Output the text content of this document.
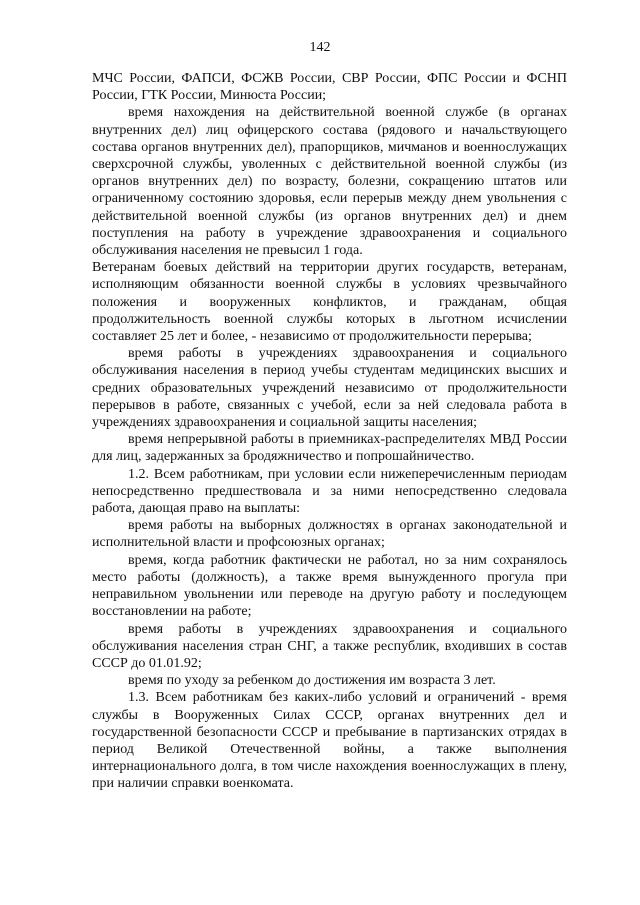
142

МЧС России, ФАПСИ, ФСЖВ России, СВР России, ФПС России и ФСНП России, ГТК России, Минюста России;

время нахождения на действительной военной службе (в органах внутренних дел) лиц офицерского состава (рядового и начальствующего состава органов внутренних дел), прапорщиков, мичманов и военнослужащих сверхсрочной службы, уволенных с действительной военной службы (из органов внутренних дел) по возрасту, болезни, сокращению штатов или ограниченному состоянию здоровья, если перерыв между днем увольнения с действительной военной службы (из органов внутренних дел) и днем поступления на работу в учреждение здравоохранения и социального обслуживания населения не превысил 1 года.

Ветеранам боевых действий на территории других государств, ветеранам, исполняющим обязанности военной службы в условиях чрезвычайного положения и вооруженных конфликтов, и гражданам, общая продолжительность военной службы которых в льготном исчислении составляет 25 лет и более, - независимо от продолжительности перерыва;

время работы в учреждениях здравоохранения и социального обслуживания населения в период учебы студентам медицинских высших и средних образовательных учреждений независимо от продолжительности перерывов в работе, связанных с учебой, если за ней следовала работа в учреждениях здравоохранения и социальной защиты населения;

время непрерывной работы в приемниках-распределителях МВД России для лиц, задержанных за бродяжничество и попрошайничество.

1.2. Всем работникам, при условии если нижеперечисленным периодам непосредственно предшествовала и за ними непосредственно следовала работа, дающая право на выплаты:

время работы на выборных должностях в органах законодательной и исполнительной власти и профсоюзных органах;

время, когда работник фактически не работал, но за ним сохранялось место работы (должность), а также время вынужденного прогула при неправильном увольнении или переводе на другую работу и последующем восстановлении на работе;

время работы в учреждениях здравоохранения и социального обслуживания населения стран СНГ, а также республик, входивших в состав СССР до 01.01.92;

время по уходу за ребенком до достижения им возраста 3 лет.

1.3. Всем работникам без каких-либо условий и ограничений - время службы в Вооруженных Силах СССР, органах внутренних дел и государственной безопасности СССР и пребывание в партизанских отрядах в период Великой Отечественной войны, а также выполнения интернационального долга, в том числе нахождения военнослужащих в плену, при наличии справки военкомата.
